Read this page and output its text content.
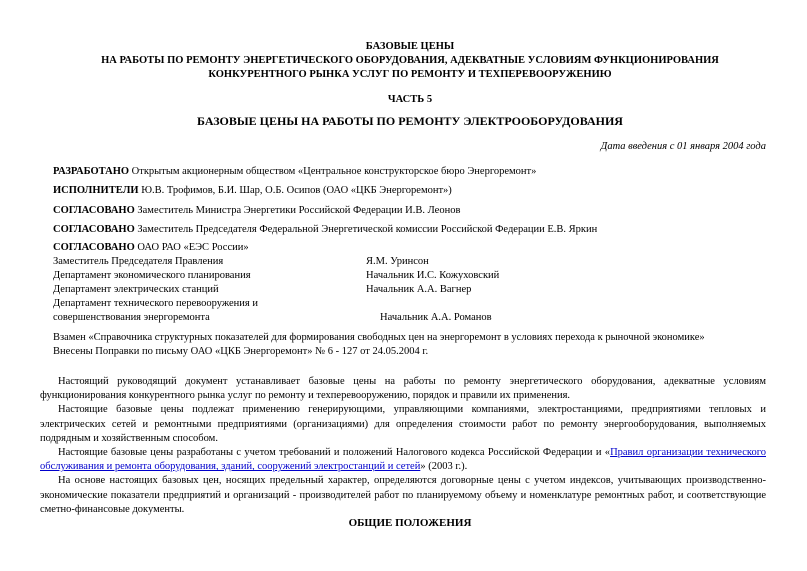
БАЗОВЫЕ ЦЕНЫ
НА РАБОТЫ ПО РЕМОНТУ ЭНЕРГЕТИЧЕСКОГО ОБОРУДОВАНИЯ, АДЕКВАТНЫЕ УСЛОВИЯМ ФУНКЦИОНИРОВАНИЯ
КОНКУРЕНТНОГО РЫНКА УСЛУГ ПО РЕМОНТУ И ТЕХПЕРЕВООРУЖЕНИЮ
ЧАСТЬ 5
БАЗОВЫЕ ЦЕНЫ НА РАБОТЫ ПО РЕМОНТУ ЭЛЕКТРООБОРУДОВАНИЯ
Дата введения с 01 января 2004 года
РАЗРАБОТАНО Открытым акционерным обществом «Центральное конструкторское бюро Энергоремонт»
ИСПОЛНИТЕЛИ Ю.В. Трофимов, Б.И. Шар, О.Б. Осипов (ОАО «ЦКБ Энергоремонт»)
СОГЛАСОВАНО Заместитель Министра Энергетики Российской Федерации И.В. Леонов
СОГЛАСОВАНО Заместитель Председателя Федеральной Энергетической комиссии Российской Федерации Е.В. Яркин
СОГЛАСОВАНО ОАО РАО «ЕЭС России»
Заместитель Председателя Правления	Я.М. Уринсон
Департамент экономического планирования	Начальник И.С. Кожуховский
Департамент электрических станций	Начальник А.А. Вагнер
Департамент технического перевооружения и
совершенствования энергоремонта	Начальник А.А. Романов
Взамен «Справочника структурных показателей для формирования свободных цен на энергоремонт в условиях перехода к рыночной экономике»
Внесены Поправки по письму ОАО «ЦКБ Энергоремонт» № 6 - 127 от 24.05.2004 г.

Настоящий руководящий документ устанавливает базовые цены на работы по ремонту энергетического оборудования, адекватные условиям функционирования конкурентного рынка услуг по ремонту и техперевооружению, порядок и правили их применения.

Настоящие базовые цены подлежат применению генерирующими, управляющими компаниями, электростанциями, предприятиями тепловых и электрических сетей и ремонтными предприятиями (организациями) для определения стоимости работ по ремонту энергооборудования, выполняемых подрядным и хозяйственным способом.

Настоящие базовые цены разработаны с учетом требований и положений Налогового кодекса Российской Федерации и «Правил организации технического обслуживания и ремонта оборудования, зданий, сооружений электростанций и сетей» (2003 г.).

На основе настоящих базовых цен, носящих предельный характер, определяются договорные цены с учетом индексов, учитывающих производственно-экономические показатели предприятий и организаций - производителей работ по планируемому объему и номенклатуре ремонтных работ, и соответствующие сметно-финансовые документы.

ОБЩИЕ ПОЛОЖЕНИЯ
